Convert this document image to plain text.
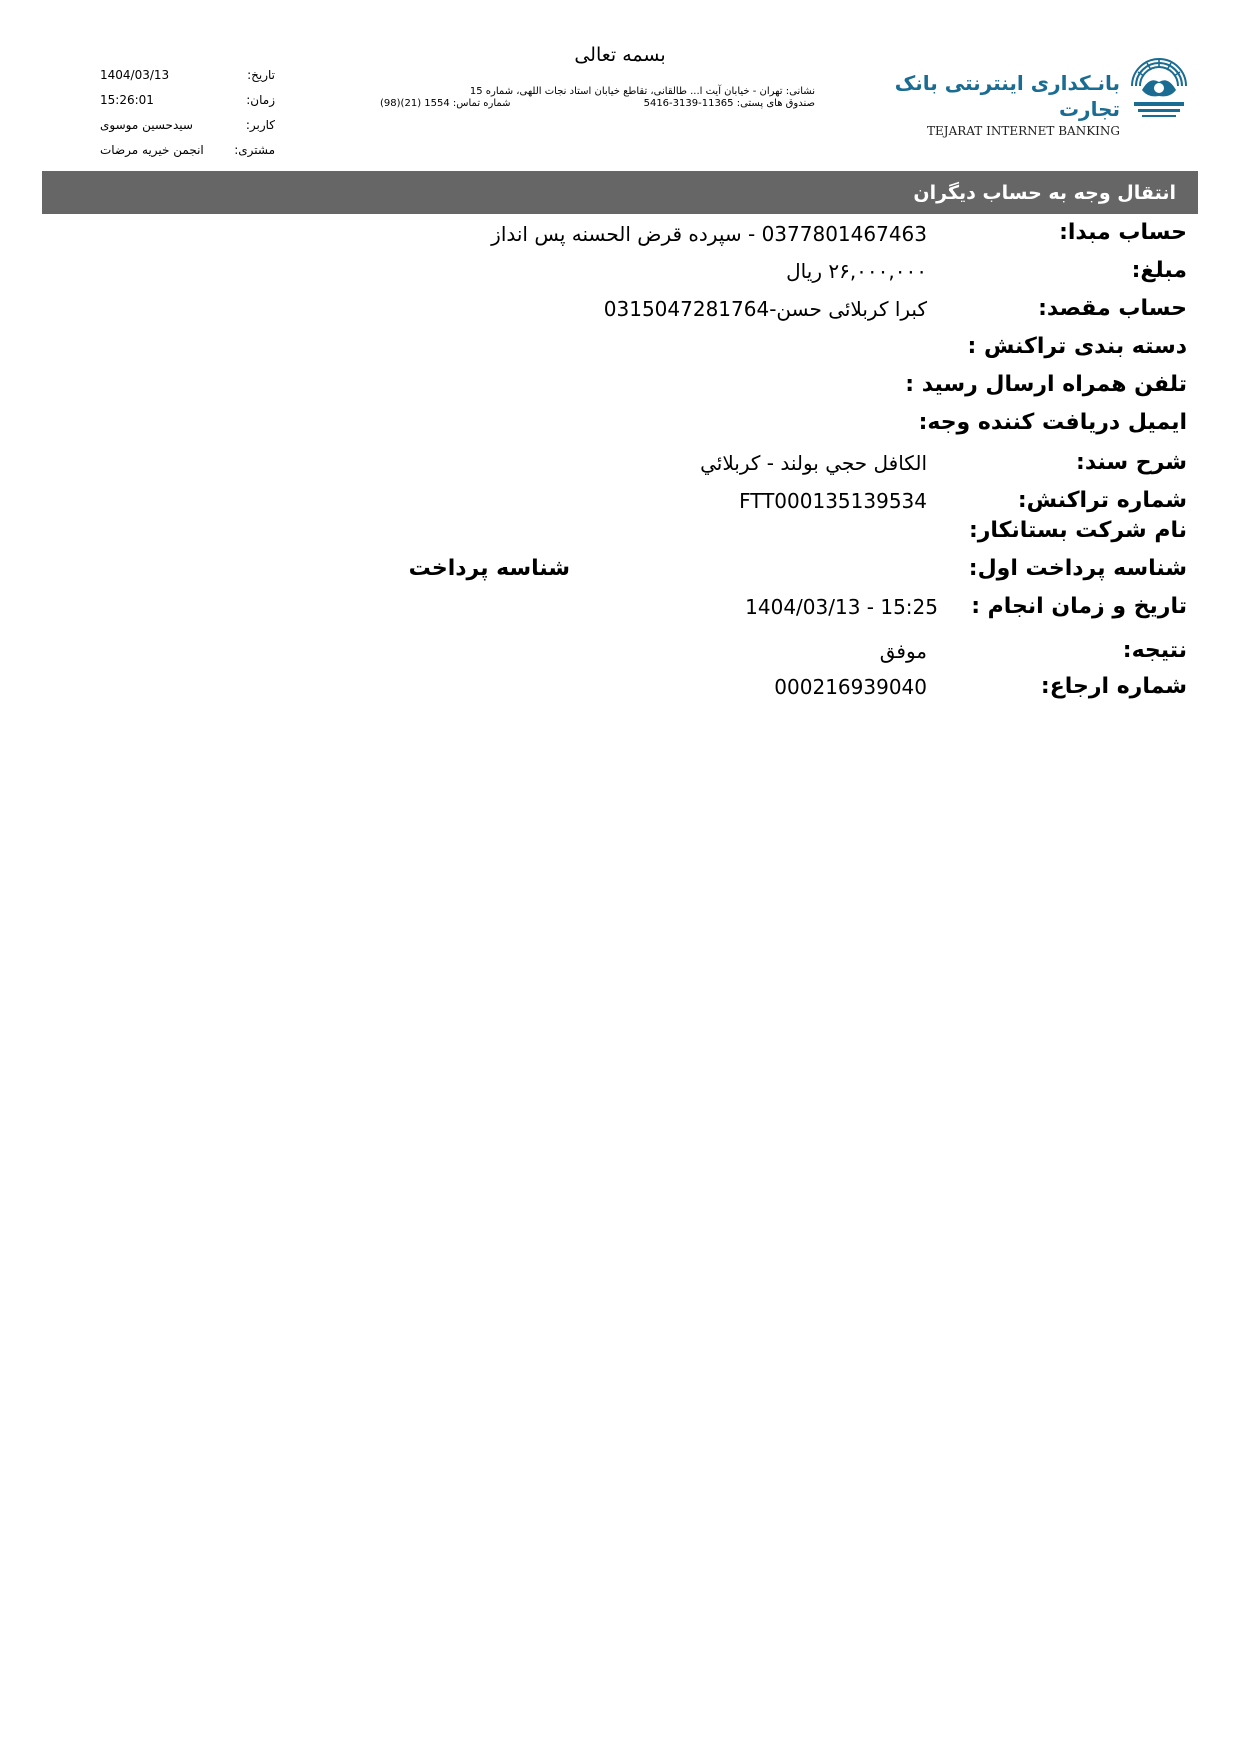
بسمه تعالی
نشانی: تهران - خیابان آیت ا... طالقانی، تقاطع خیابان استاد نجات اللهی، شماره 15
صندوق های پستی: 11365-3139-5416
شماره تماس: 1554 (21)(98)
تاریخ:
1404/03/13
زمان:
15:26:01
کاربر:
سیدحسین موسوی
مشتری:
انجمن خیریه مرضات
بانـکداری اینترنتی بانک تجارت
TEJARAT INTERNET BANKING
انتقال وجه به حساب دیگران
حساب مبدا:
0377801467463 - سپرده قرض الحسنه پس انداز
مبلغ:
۲۶,۰۰۰,۰۰۰ ریال
حساب مقصد:
كبرا كربلائى حسن-0315047281764
دسته بندی تراکنش :
تلفن همراه ارسال رسید :
ایمیل دریافت کننده وجه:
شرح سند:
الكافل حجي بولند - كربلائي
شماره تراکنش:
FTT000135139534
نام شرکت بستانکار:
شناسه پرداخت اول:
شناسه پرداخت
تاریخ و زمان انجام :
1404/03/13 - 15:25
نتیجه:
موفق
شماره ارجاع:
000216939040
